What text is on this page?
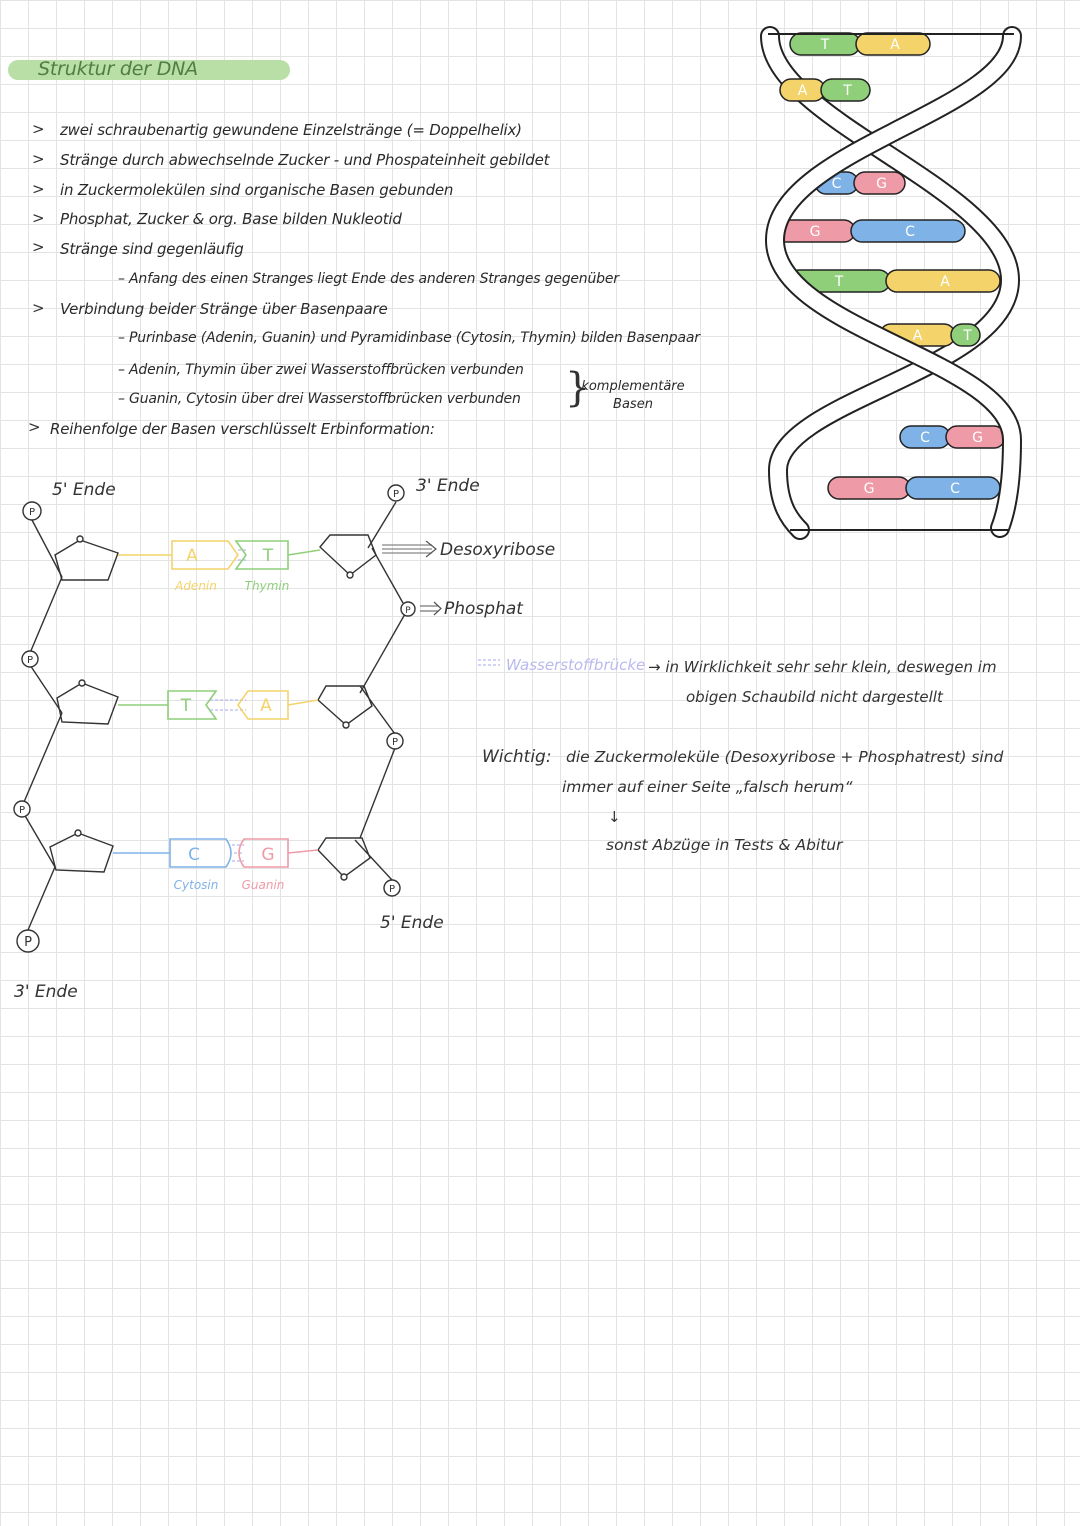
Struktur der DNA
> zwei schraubenartig gewundene Einzelstränge (= Doppelhelix)
> Stränge durch abwechselnde Zucker - und Phospateinheit gebildet
> in Zuckermolekülen sind organische Basen gebunden
> Phosphat, Zucker & org. Base bilden Nukleotid
> Stränge sind gegenläufig
– Anfang des einen Stranges liegt Ende des anderen Stranges gegenüber
> Verbindung beider Stränge über Basenpaare
– Purinbase (Adenin, Guanin) und Pyramidinbase (Cytosin, Thymin) bilden Basenpaar
– Adenin, Thymin über zwei Wasserstoffbrücken verbunden
– Guanin, Cytosin über drei Wasserstoffbrücken verbunden }
komplementäre
Basen
> Reihenfolge der Basen verschlüsselt Erbinformation:
P
P
P
P
P
P
P
P
A	T
T	A
C	G
Adenin Thymin
Cytosin Guanin
5' Ende
3' Ende
3' Ende
5' Ende
Desoxyribose
Phosphat
Wasserstoffbrücke → in Wirklichkeit sehr sehr klein, deswegen im
obigen Schaubild nicht dargestellt
Wichtig: die Zuckermoleküle (Desoxyribose + Phosphatrest) sind
immer auf einer Seite „falsch herum“
↓
sonst Abzüge in Tests & Abitur
T	A
A	T
C G
G	C
T	A
A	T
C	G
G	C
